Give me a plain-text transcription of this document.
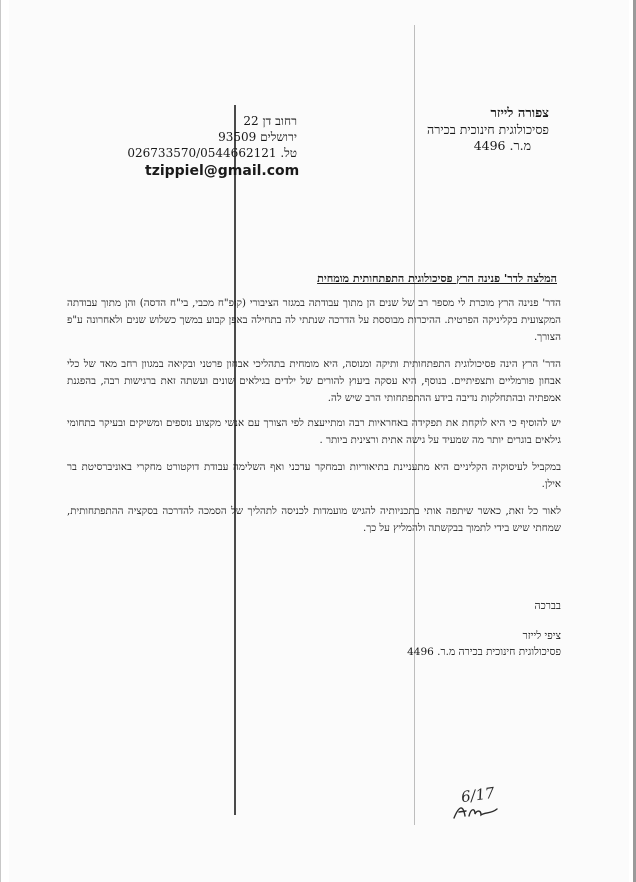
צפורה לייזר
פסיכולוגית חינוכית בכירה
מ.ר. 4496
רחוב דן 22
ירושלים 93509
טל. 026733570/0544662121
tzippiel@gmail.com
המלצה לדר' פנינה הרץ פסיכולוגית התפתחותית מומחית

הדר' פנינה הרץ מוכרת לי מספר רב של שנים הן מתוך עבודתה במגזר הציבורי (קופ"ח מכבי, בי"ח הדסה) והן מתוך עבודתה המקצועית בקליניקה הפרטית. ההיכרות מבוססת על הדרכה שנתתי לה בתחילה באפן קבוע במשך כשלוש שנים ולאחרונה ע"פ הצורך.

הדר' הרץ הינה פסיכולוגית התפתחותית ותיקה ומנוסה, היא מומחית בתהליכי אבחון פרטני ובקיאה במגוון רחב מאד של כלי אבחון פורמליים ותצפיתיים. בנוסף, היא עסקה ביעוץ להורים של ילדים בגילאים שונים ועשתה זאת ברגישות רבה, בהפגנת אמפתיה ובהתחלקות נדיבה בידע ההתפתחותי הרב שיש לה.

יש להוסיף כי היא לוקחת את תפקידה באחראיות רבה ומתייעצת לפי הצורך עם אנשי מקצוע נוספים ומשיקים ובעיקר בתחומי גילאים בוגרים יותר מה שמעיד על גישה אתית ורצינית ביותר .

במקביל לעיסוקיה הקליניים היא מתעניינת בתיאוריות ובמחקר עדכני ואף השלימה עבודת דוקטורט מחקרי באוניברסיטת בר אילן.

לאור כל זאת, כאשר שיתפה אותי בתכניותיה להגיש מועמדות לכניסה לתהליך של הסמכה להדרכה בסקציה ההתפתחותית, שמחתי שיש בידי לתמוך בבקשתה ולהמליץ על כך.

בברכה
ציפי לייזר
פסיכולוגית חינוכית בכירה מ.ר. 4496
6/17
